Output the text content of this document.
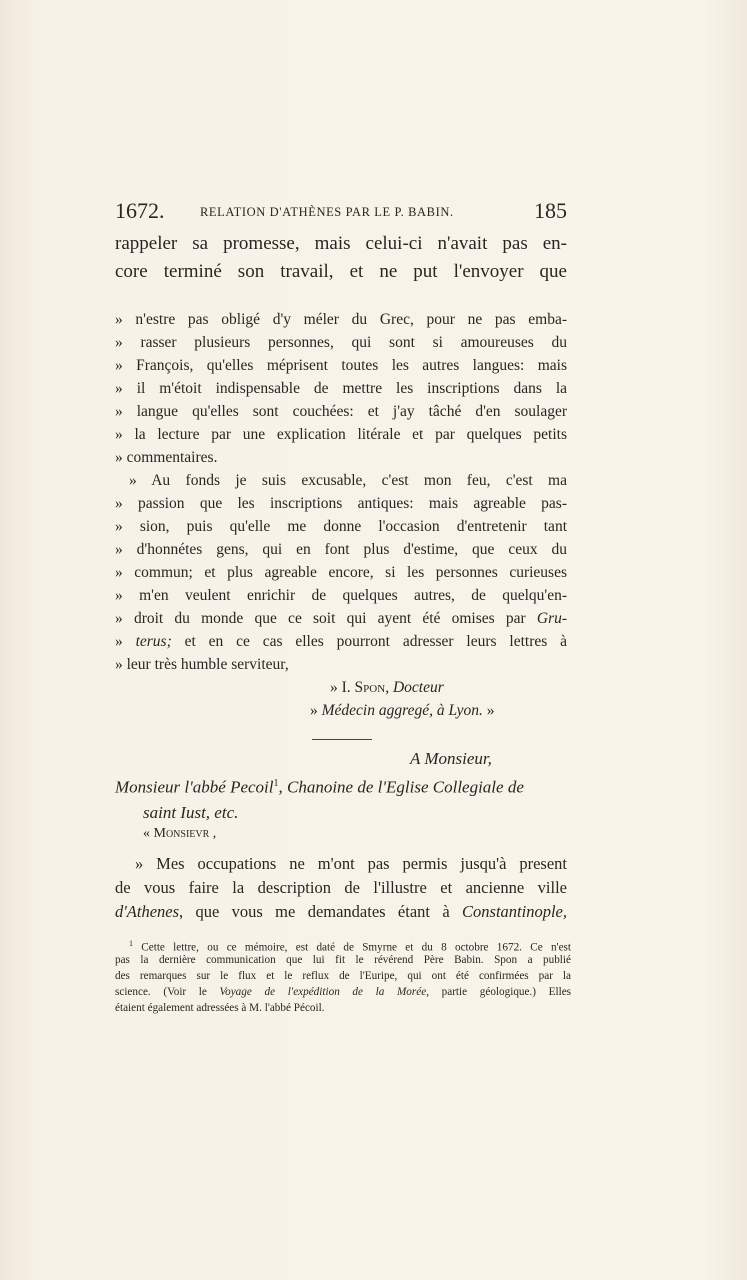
1672.	RELATION D'ATHÈNES PAR LE P. BABIN.	185
rappeler sa promesse, mais celui-ci n'avait pas en-
core terminé son travail, et ne put l'envoyer que
» n'estre pas obligé d'y méler du Grec, pour ne pas emba-
» rasser plusieurs personnes, qui sont si amoureuses du
» François, qu'elles méprisent toutes les autres langues: mais
» il m'étoit indispensable de mettre les inscriptions dans la
» langue qu'elles sont couchées: et j'ay tâché d'en soulager
» la lecture par une explication litérale et par quelques petits
» commentaires.
» Au fonds je suis excusable, c'est mon feu, c'est ma
» passion que les inscriptions antiques: mais agreable pas-
» sion, puis qu'elle me donne l'occasion d'entretenir tant
» d'honnétes gens, qui en font plus d'estime, que ceux du
» commun; et plus agreable encore, si les personnes curieuses
» m'en veulent enrichir de quelques autres, de quelqu'en-
» droit du monde que ce soit qui ayent été omises par Gru-
» terus; et en ce cas elles pourront adresser leurs lettres à
» leur très humble serviteur,
» I. Spon, Docteur
» Médecin aggregé, à Lyon. »
A Monsieur,
Monsieur l'abbé Pecoil$^1$, Chanoine de l'Eglise Collegiale de
saint Iust, etc.
« Monsievr ,
» Mes occupations ne m'ont pas permis jusqu'à present
de vous faire la description de l'illustre et ancienne ville
d'Athenes, que vous me demandates étant à Constantinople,
$^1$ Cette lettre, ou ce mémoire, est daté de Smyrne et du 8 octobre 1672. Ce n'est
pas la dernière communication que lui fit le révérend Père Babin. Spon a publié
des remarques sur le flux et le reflux de l'Euripe, qui ont été confirmées par la
science. (Voir le Voyage de l'expédition de la Morée, partie géologique.) Elles
étaient également adressées à M. l'abbé Pécoil.
